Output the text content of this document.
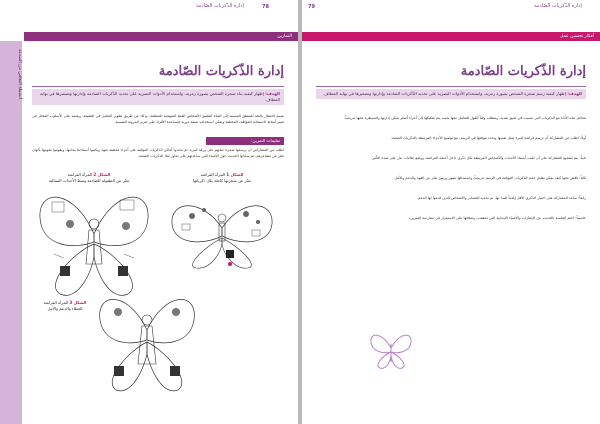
78
إدارة الذّكريات الصّادمة
التمارين
أنشطة التعافي من الصدمة	إدارة الذّكريات الصّادمة
الهدف: إظهار كيفية بناء شجرة الشخص بصورة رمزية، واستخدام الأدوات البصرية على تحديد الذّكريات الصادمة وإدارتها وتصغيرها في نهاية المطاف.
يتسم الانتقال بالثقة للمنطق المستند إلى المدّة لتطبيق الأشخاص الفنيّة المنهجية المنظمة، وذلك عن طريق تطوير التحليل في الطبيعة، ويعتمد على الأسلوب المختار في تغيير أنماط الاستجابة للمواقف المختلفة ويمكن استخدامه بصفة دورية لمساعدة الأفراد على تعزيز المرونة النفسية.
تعليمات التمرين:
اطلب من المشاركين أن يرسموا شجرة حياتهم على ورقة كبيرة، ثم يحددوا أماكن الذكريات المؤلمة على أجزاء مختلفة منها، ويكتبوا أسماءها بجانبها، ويقوموا بتلوينها بألوان تعبّر عن مشاعرهم، ثم يتبادلوا الحديث حول الأشياء التي ساعدتهم على تجاوز تلك الذكريات الصعبة.
الشكل 1 المرأة الفراشة
تعبّر عن شجرتها كاملة بكل ذكرياتها
الشكل 2 المرأة الفراشة
تعبّر عن الطفولة الصادمة وسط الأحداث المتتالية
الشكل 3 المرأة الفراشة
العطاء والدعم والأمل
79	إدارة الذّكريات الصّادمة
أفكار تحسين عمل
إدارة الذّكريات الصّادمة
الهدف: إظهار كيفية رسم شجرة الشخص بصورة رمزية، واستخدام الأدوات البصرية على تحديد الذّكريات الصادمة وإدارتها وتصغيرها في نهاية المطاف.
تتعامل هذه الأداة مع الذكريات التي تتسبب في ضيق شديد، وتتطلب وقتاً أطول للتعامل معها بحيث يتم تفكيكها إلى أجزاء أصغر يمكن إدارتها والسيطرة عليها تدريجياً.
أولاً: اطلب من المشاركة أن ترسم فراشة كبيرة تمثل نفسها وتحدد موقعها في الرسم، مع توضيح الأجزاء المرتبطة بالذكريات الصعبة.
ثانياً: يتم تشجيع المشاركة على أن تكتب أسماء الأحداث والأشخاص المرتبطة بكل ذكرى داخل أجنحة الفراشة، ووضع علامات تدل على شدة التأثير.
ثالثاً: ناقش معها كيف يمكن تقليل حجم الذكريات المؤلمة في الرسم تدريجياً، واستبدالها بصور ورموز تعبّر عن القوة والدعم والأمل.
رابعاً: ساعد المشاركة على اختيار الذكرى الأقل إيلاماً للبدء بها، ثم تحديد المصادر والأشخاص الذين قدموا لها الدعم.
خامساً: اختم الجلسة بالحديث عن الإنجازات والأشياء الإيجابية التي تحققت، وشجّعها على الاستمرار في ممارسة التمرين.
